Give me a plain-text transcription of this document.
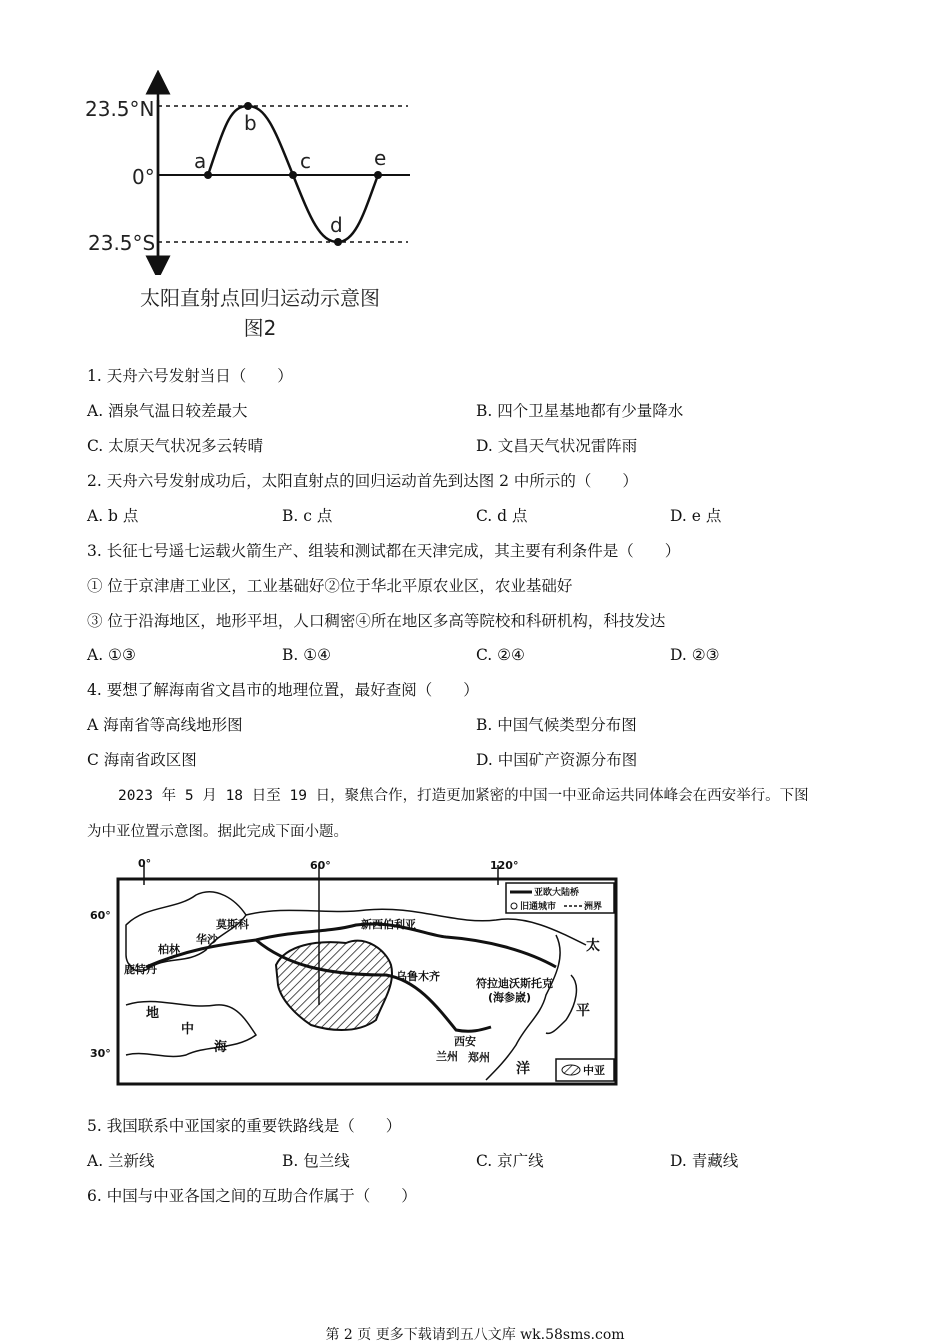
23.5°N
0°
23.5°S
a
b
c
d
e
太阳直射点回归运动示意图
图2
1. 天舟六号发射当日（　　）
A. 酒泉气温日较差最大	B. 四个卫星基地都有少量降水
C. 太原天气状况多云转晴	D. 文昌天气状况雷阵雨
2. 天舟六号发射成功后，太阳直射点的回归运动首先到达图 2 中所示的（　　）
A. b 点	B. c 点	C. d 点	D. e 点
3. 长征七号遥七运载火箭生产、组装和测试都在天津完成，其主要有利条件是（　　）
① 位于京津唐工业区，工业基础好②位于华北平原农业区，农业基础好
③ 位于沿海地区，地形平坦，人口稠密④所在地区多高等院校和科研机构，科技发达
A. ①③	B. ①④	C. ②④	D. ②③
4. 要想了解海南省文昌市的地理位置，最好查阅（　　）
A 海南省等高线地形图	B. 中国气候类型分布图
C 海南省政区图	D. 中国矿产资源分布图
2023 年 5 月 18 日至 19 日，聚焦合作，打造更加紧密的中国一中亚命运共同体峰会在西安举行。下图
为中亚位置示意图。据此完成下面小题。
0°	60°	120°
60°
30°
亚欧大陆桥
旧通城市	洲界
中亚
新西伯利亚
莫斯科
华沙
柏林
鹿特丹
乌鲁木齐
符拉迪沃斯托克
(海参崴)
西安
兰州 郑州
地
中
海
太
平
洋
5. 我国联系中亚国家的重要铁路线是（　　）
A. 兰新线	B. 包兰线	C. 京广线	D. 青藏线
6. 中国与中亚各国之间的互助合作属于（　　）
第 2 页 更多下载请到五八文库 wk.58sms.com
